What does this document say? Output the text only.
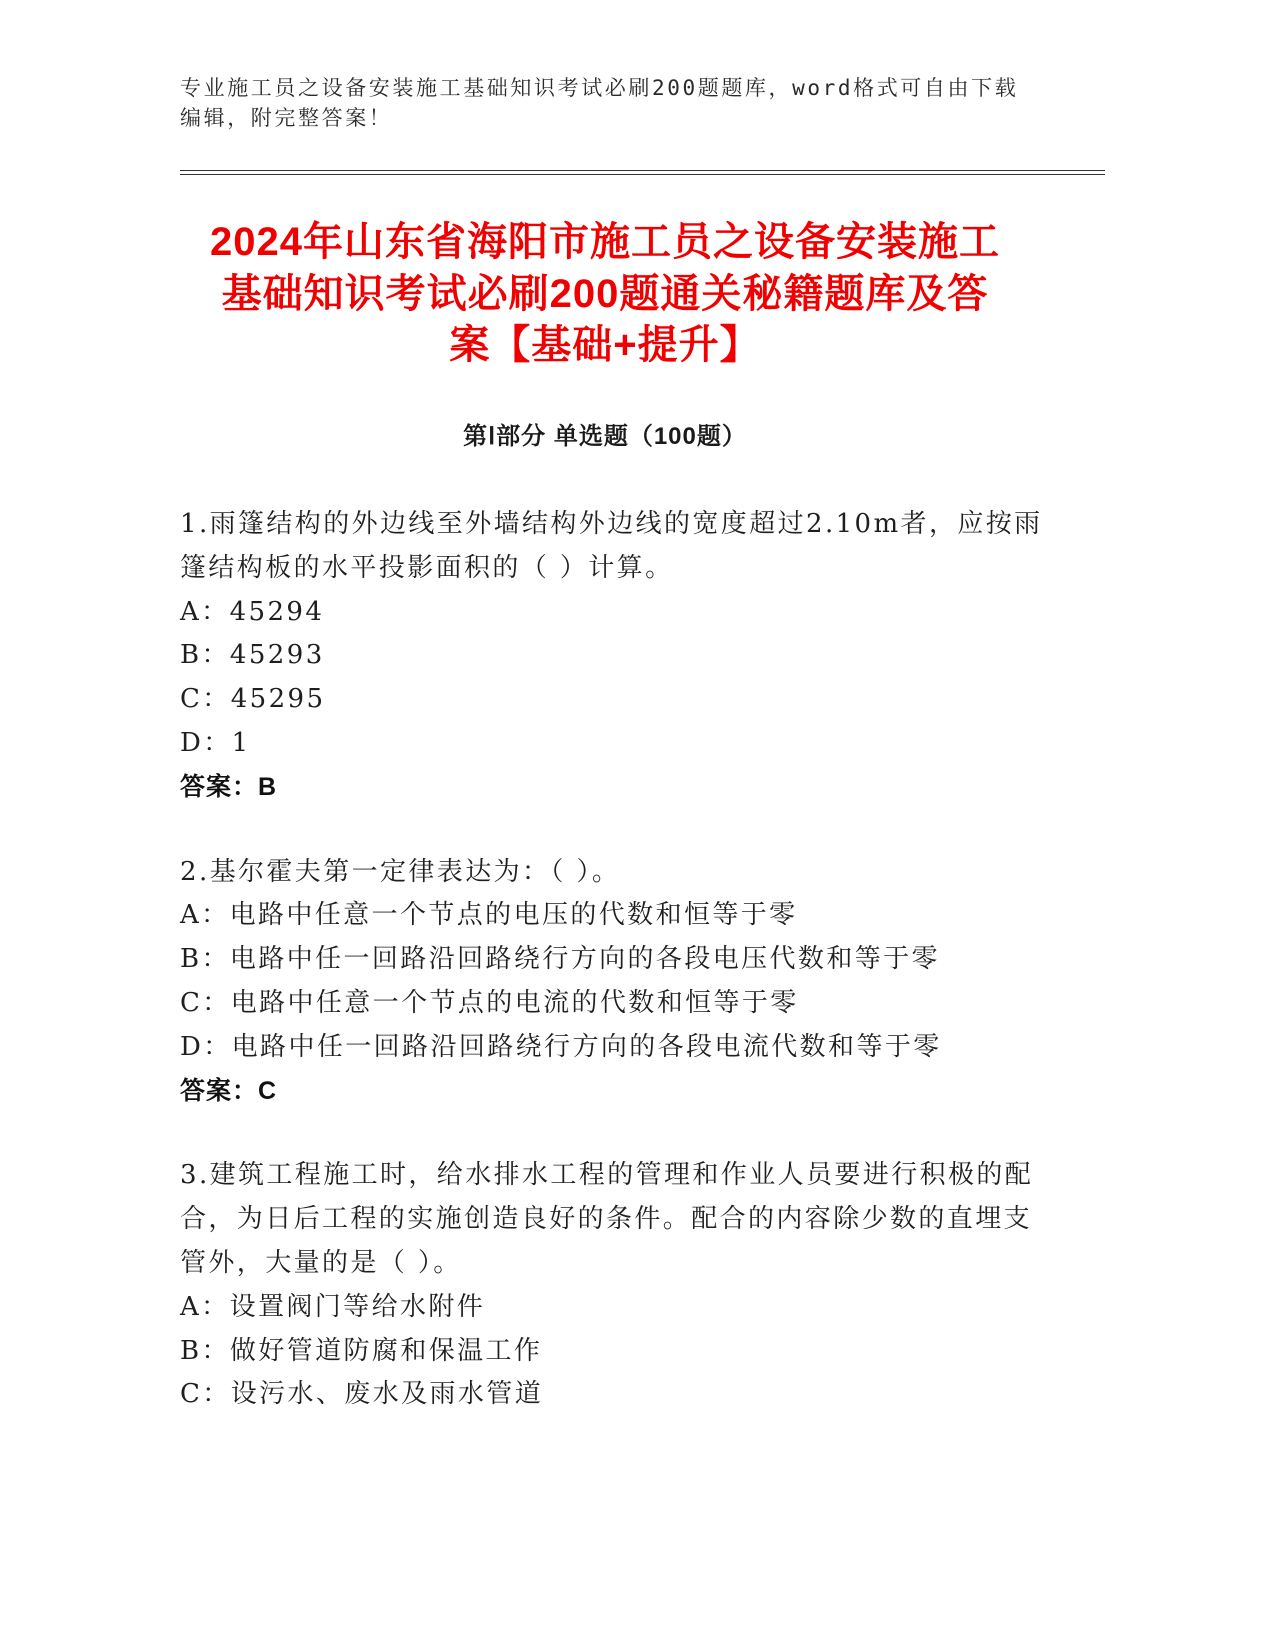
专业施工员之设备安装施工基础知识考试必刷200题题库，word格式可自由下载
编辑，附完整答案！
2024年山东省海阳市施工员之设备安装施工
基础知识考试必刷200题通关秘籍题库及答
案【基础+提升】
第Ⅰ部分 单选题（100题）
1.雨篷结构的外边线至外墙结构外边线的宽度超过2.10m者，应按雨
篷结构板的水平投影面积的（ ）计算。
A：45294
B：45293
C：45295
D：1
答案：B
2.基尔霍夫第一定律表达为：（ ）。
A：电路中任意一个节点的电压的代数和恒等于零
B：电路中任一回路沿回路绕行方向的各段电压代数和等于零
C：电路中任意一个节点的电流的代数和恒等于零
D：电路中任一回路沿回路绕行方向的各段电流代数和等于零
答案：C
3.建筑工程施工时，给水排水工程的管理和作业人员要进行积极的配
合，为日后工程的实施创造良好的条件。配合的内容除少数的直埋支
管外，大量的是（ ）。
A：设置阀门等给水附件
B：做好管道防腐和保温工作
C：设污水、废水及雨水管道
